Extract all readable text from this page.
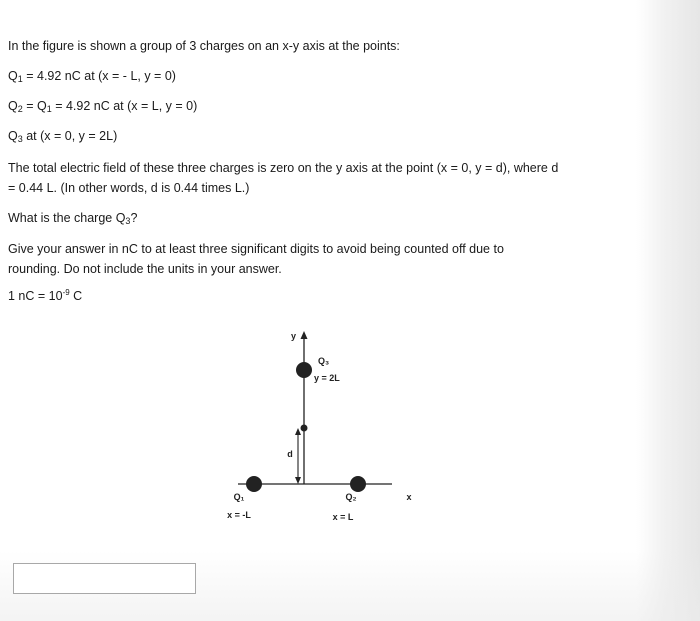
In the figure is shown a group of 3 charges on an x-y axis at the points:
$Q_1 = 4.92$ nC at (x = - L, y = 0)
$Q_2 = Q_1 = 4.92$ nC at (x = L, y = 0)
$Q_3$ at (x = 0, y = 2L)
The total electric field of these three charges is zero on the y axis at the point (x = 0, y = d), where d
= 0.44 L. (In other words, d is 0.44 times L.)
What is the charge $Q_3$?
Give your answer in nC to at least three significant digits to avoid being counted off due to
rounding. Do not include the units in your answer.
1 nC = $10^{-9}$ C
y
x
d
Q₃
y = 2L
Q₁
x = -L
Q₂
x = L
